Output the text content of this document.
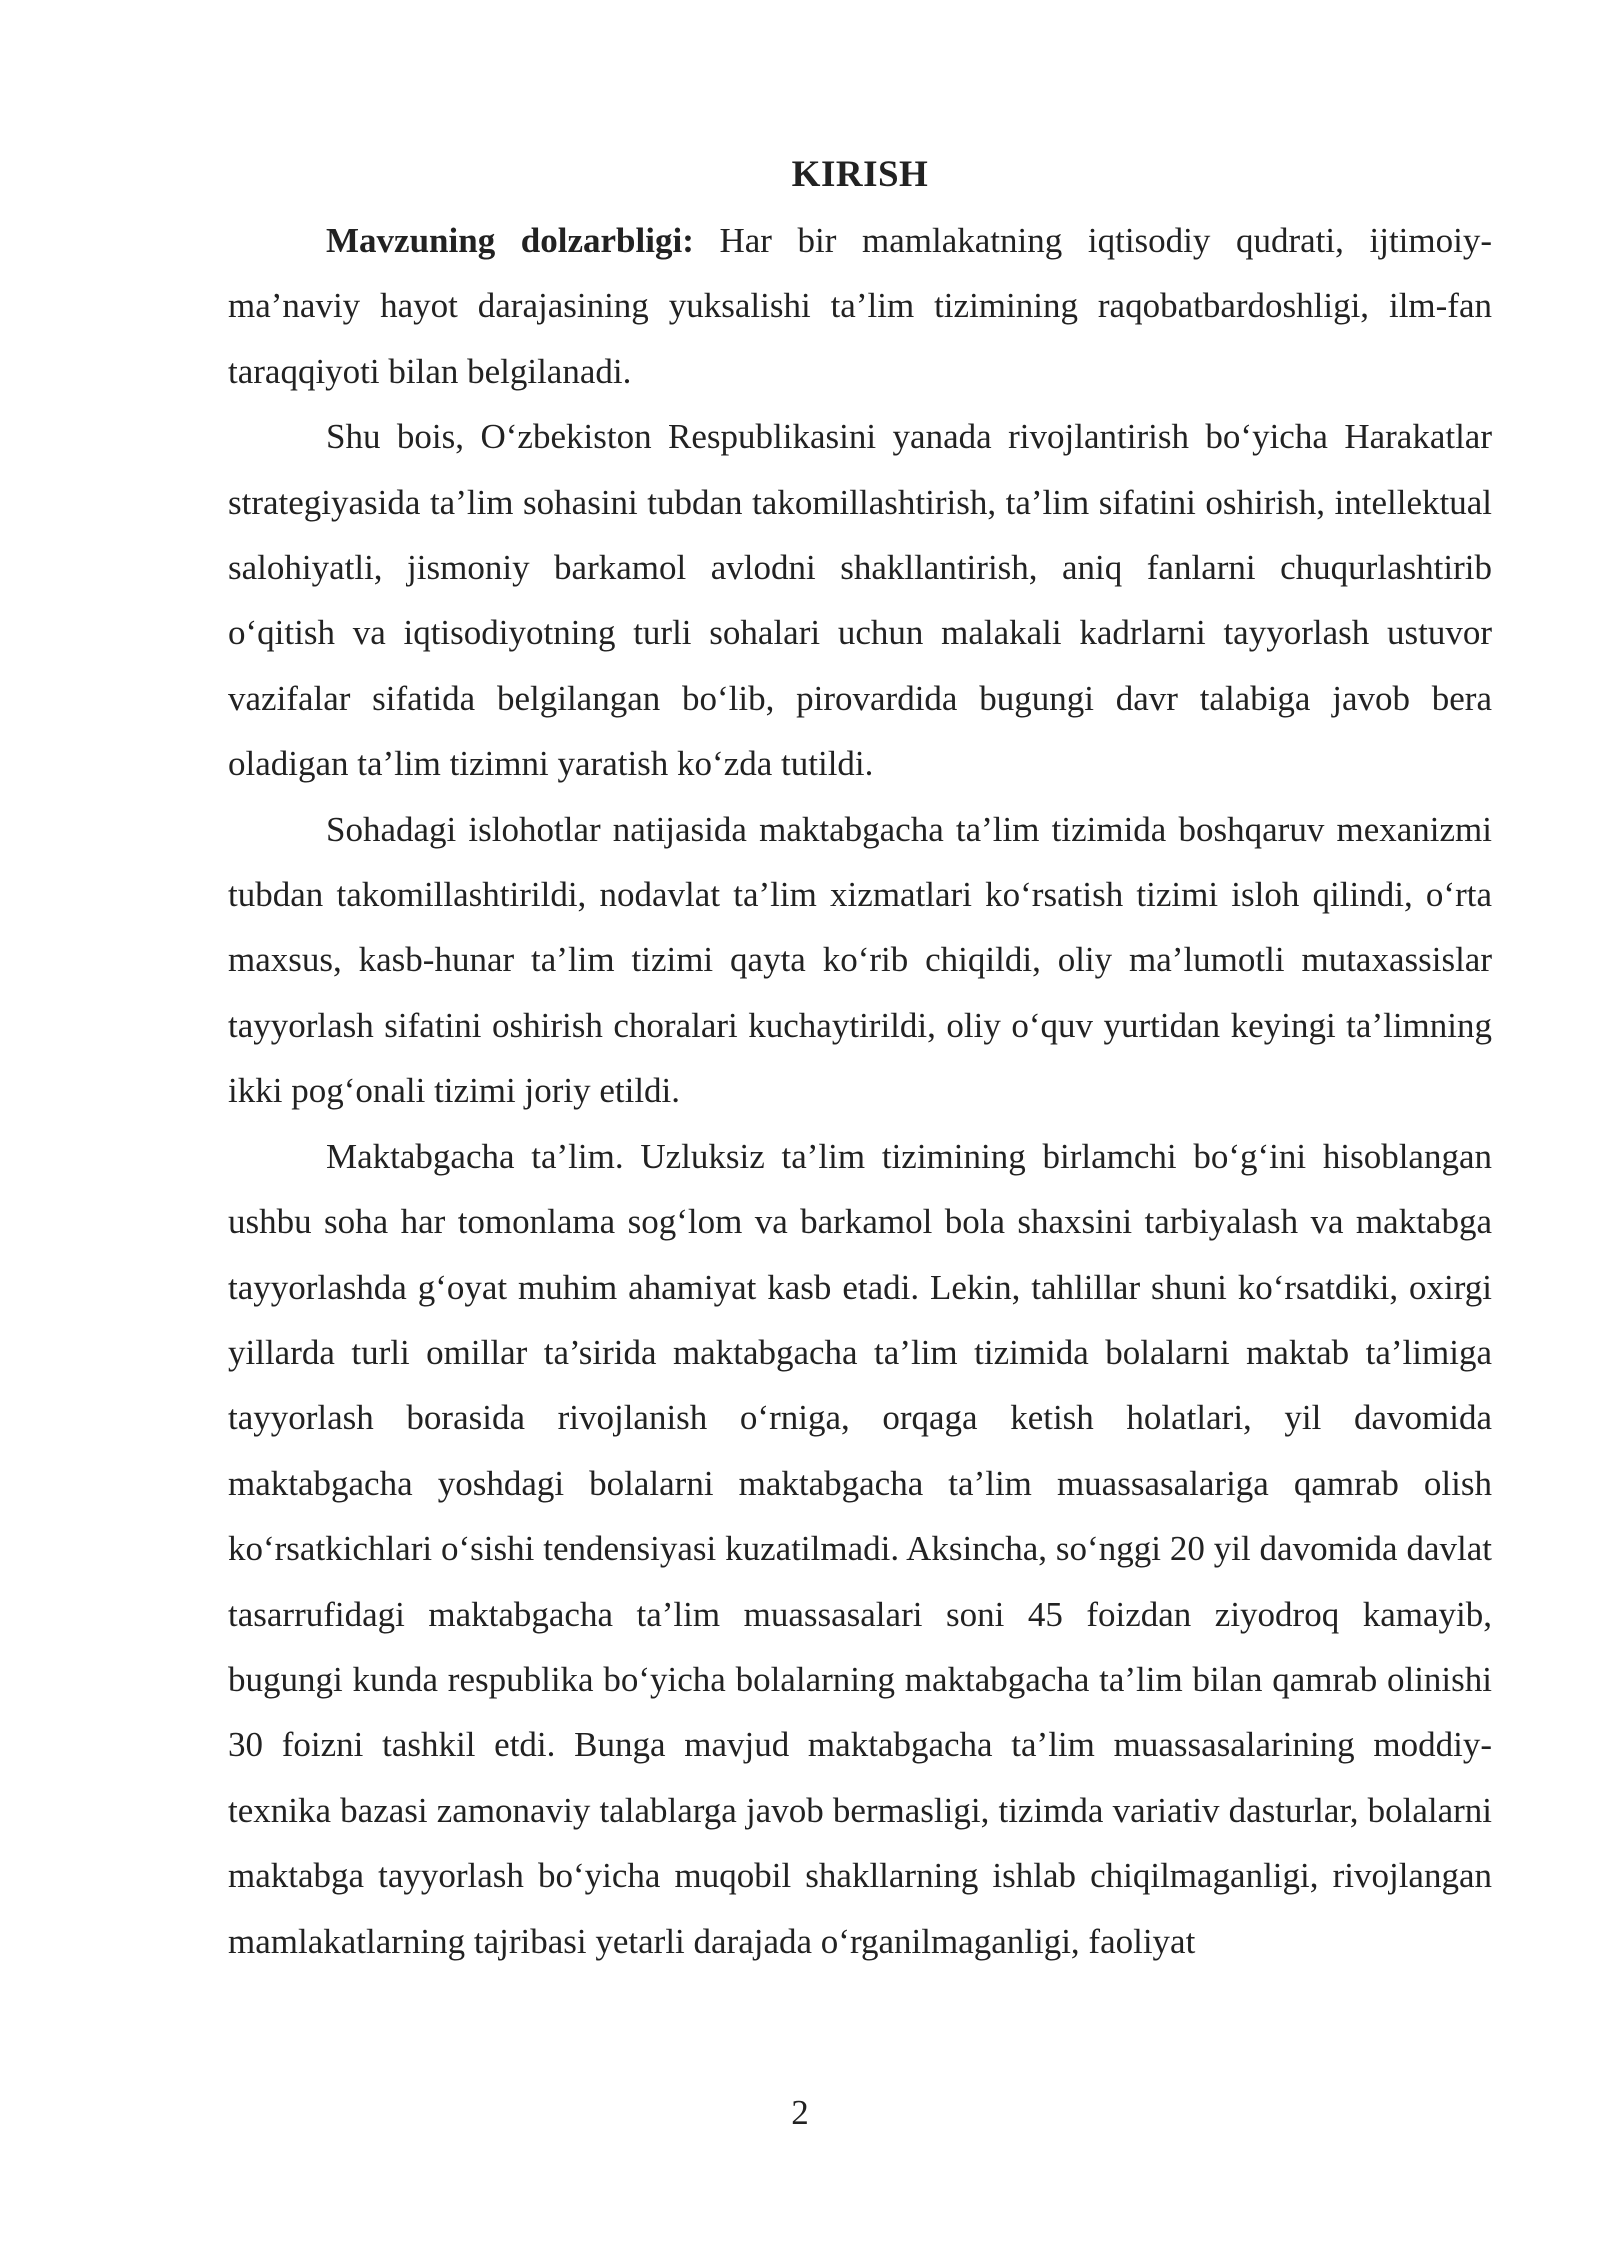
KIRISH

Mavzuning dolzarbligi: Har bir mamlakatning iqtisodiy qudrati, ijtimoiy-ma’naviy hayot darajasining yuksalishi ta’lim tizimining raqobatbardoshligi, ilm-fan taraqqiyoti bilan belgilanadi.

Shu bois, O‘zbekiston Respublikasini yanada rivojlantirish bo‘yicha Harakatlar strategiyasida ta’lim sohasini tubdan takomillashtirish, ta’lim sifatini oshirish, intellektual salohiyatli, jismoniy barkamol avlodni shakllantirish, aniq fanlarni chuqurlashtirib o‘qitish va iqtisodiyotning turli sohalari uchun malakali kadrlarni tayyorlash ustuvor vazifalar sifatida belgilangan bo‘lib, pirovardida bugungi davr talabiga javob bera oladigan ta’lim tizimni yaratish ko‘zda tutildi.

Sohadagi islohotlar natijasida maktabgacha ta’lim tizimida boshqaruv mexanizmi tubdan takomillashtirildi, nodavlat ta’lim xizmatlari ko‘rsatish tizimi isloh qilindi, o‘rta maxsus, kasb-hunar ta’lim tizimi qayta ko‘rib chiqildi, oliy ma’lumotli mutaxassislar tayyorlash sifatini oshirish choralari kuchaytirildi, oliy o‘quv yurtidan keyingi ta’limning ikki pog‘onali tizimi joriy etildi.

Maktabgacha ta’lim. Uzluksiz ta’lim tizimining birlamchi bo‘g‘ini hisoblangan ushbu soha har tomonlama sog‘lom va barkamol bola shaxsini tarbiyalash va maktabga tayyorlashda g‘oyat muhim ahamiyat kasb etadi. Lekin, tahlillar shuni ko‘rsatdiki, oxirgi yillarda turli omillar ta’sirida maktabgacha ta’lim tizimida bolalarni maktab ta’limiga tayyorlash borasida rivojlanish o‘rniga, orqaga ketish holatlari, yil davomida maktabgacha yoshdagi bolalarni maktabgacha ta’lim muassasalariga qamrab olish ko‘rsatkichlari o‘sishi tendensiyasi kuzatilmadi. Aksincha, so‘nggi 20 yil davomida davlat tasarrufidagi maktabgacha ta’lim muassasalari soni 45 foizdan ziyodroq kamayib, bugungi kunda respublika bo‘yicha bolalarning maktabgacha ta’lim bilan qamrab olinishi 30 foizni tashkil etdi. Bunga mavjud maktabgacha ta’lim muassasalarining moddiy-texnika bazasi zamonaviy talablarga javob bermasligi, tizimda variativ dasturlar, bolalarni maktabga tayyorlash bo‘yicha muqobil shakllarning ishlab chiqilmaganligi, rivojlangan mamlakatlarning tajribasi yetarli darajada o‘rganilmaganligi, faoliyat

2
